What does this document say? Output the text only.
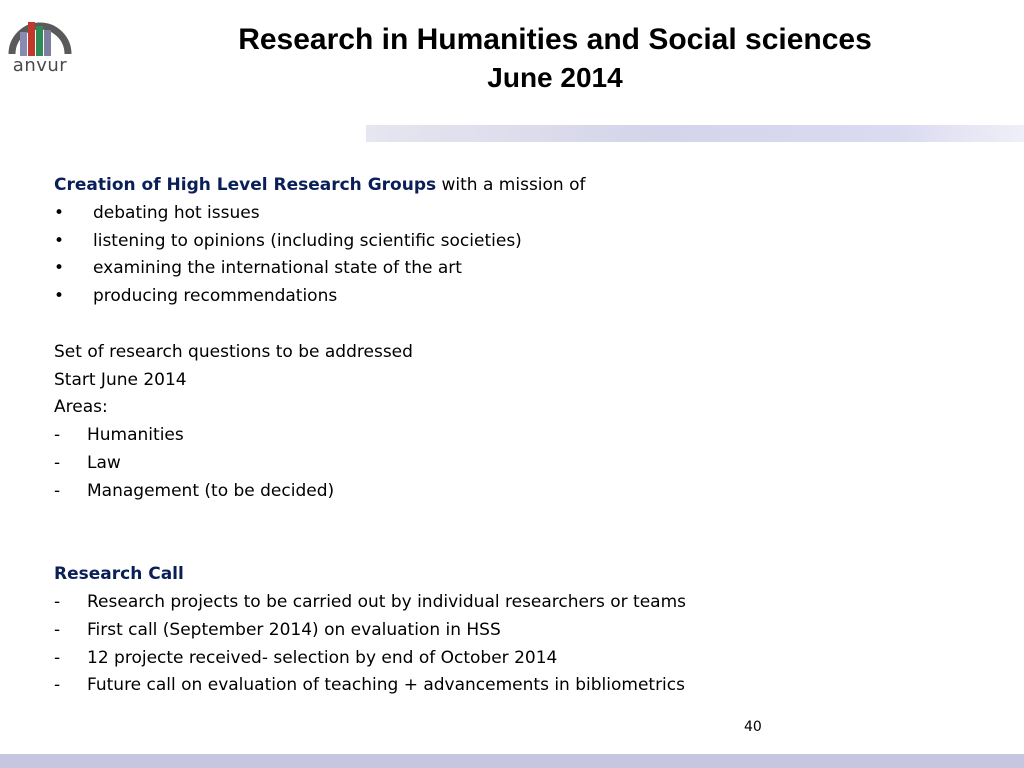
anvur
Research in Humanities and Social sciences
June 2014
Creation of High Level Research Groups with a mission of
• debating hot issues
• listening to opinions (including scientific societies)
• examining the international state of the art
• producing recommendations
Set of research questions to be addressed
Start June 2014
Areas:
- Humanities
- Law
- Management (to be decided)
Research Call
- Research projects to be carried out by individual researchers or teams
- First call (September 2014) on evaluation in HSS
- 12 projecte received- selection by end of October 2014
- Future call on evaluation of teaching + advancements in bibliometrics
40
